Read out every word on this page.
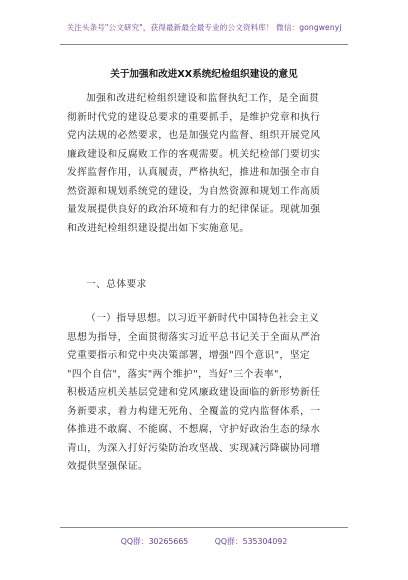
关注头条号"公文研究"，获得最新最全最专业的公文资料库！ 微信：gongwenyj
关于加强和改进XX系统纪检组织建设的意见
加强和改进纪检组织建设和监督执纪工作，是全面贯
彻新时代党的建设总要求的重要抓手，是维护党章和执行
党内法规的必然要求，也是加强党内监督、组织开展党风
廉政建设和反腐败工作的客观需要。机关纪检部门要切实
发挥监督作用，认真履责，严格执纪，推进和加强全市自
然资源和规划系统党的建设，为自然资源和规划工作高质
量发展提供良好的政治环境和有力的纪律保证。现就加强
和改进纪检组织建设提出如下实施意见。
一、总体要求
（一）指导思想。以习近平新时代中国特色社会主义
思想为指导，全面贯彻落实习近平总书记关于全面从严治
党重要指示和党中央决策部署，增强"四个意识"，坚定
"四个自信"，落实"两个维护"，当好"三个表率"，
积极适应机关基层党建和党风廉政建设面临的新形势新任
务新要求，着力构建无死角、全覆盖的党内监督体系，一
体推进不敢腐、不能腐、不想腐，守护好政治生态的绿水
青山，为深入打好污染防治攻坚战、实现减污降碳协同增
效提供坚强保证。
QQ群：30265665	QQ群：535304092
